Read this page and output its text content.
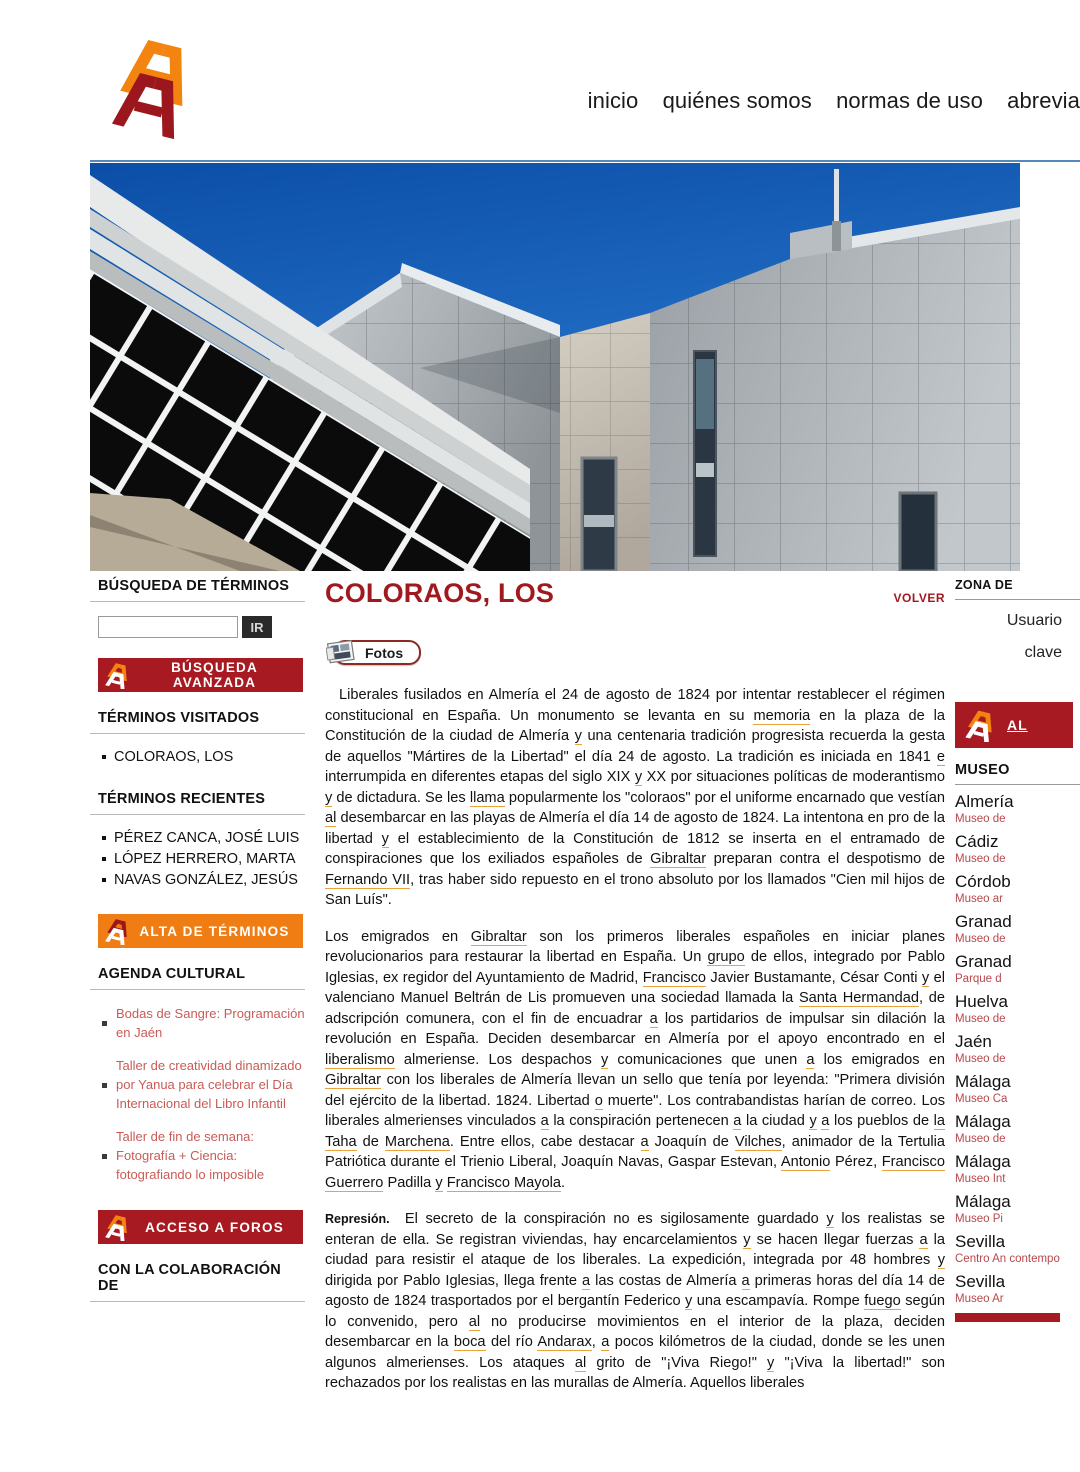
inicio quiénes somos normas de uso abrevia
BÚSQUEDA DE TÉRMINOS
IR
BÚSQUEDA AVANZADA
TÉRMINOS VISITADOS
COLORAOS, LOS
TÉRMINOS RECIENTES
PÉREZ CANCA, JOSÉ LUIS
LÓPEZ HERRERO, MARTA
NAVAS GONZÁLEZ, JESÚS
ALTA DE TÉRMINOS
AGENDA CULTURAL
Bodas de Sangre: Programación en Jaén
Taller de creatividad dinamizado por Yanua para celebrar el Día Internacional del Libro Infantil
Taller de fin de semana: Fotografía + Ciencia: fotografiando lo imposible
ACCESO A FOROS
CON LA COLABORACIÓN DE
COLORAOS, LOS	VOLVER
Fotos

Liberales fusilados en Almería el 24 de agosto de 1824 por intentar restablecer el régimen constitucional en España. Un monumento se levanta en su memoria en la plaza de la Constitución de la ciudad de Almería y una centenaria tradición progresista recuerda la gesta de aquellos "Mártires de la Libertad" el día 24 de agosto. La tradición es iniciada en 1841 e interrumpida en diferentes etapas del siglo XIX y XX por situaciones políticas de moderantismo y de dictadura. Se les llama popularmente los "coloraos" por el uniforme encarnado que vestían al desembarcar en las playas de Almería el día 14 de agosto de 1824. La intentona en pro de la libertad y el establecimiento de la Constitución de 1812 se inserta en el entramado de conspiraciones que los exiliados españoles de Gibraltar preparan contra el despotismo de Fernando VII, tras haber sido repuesto en el trono absoluto por los llamados "Cien mil hijos de San Luís".

Los emigrados en Gibraltar son los primeros liberales españoles en iniciar planes revolucionarios para restaurar la libertad en España. Un grupo de ellos, integrado por Pablo Iglesias, ex regidor del Ayuntamiento de Madrid, Francisco Javier Bustamante, César Conti y el valenciano Manuel Beltrán de Lis promueven una sociedad llamada la Santa Hermandad, de adscripción comunera, con el fin de encuadrar a los partidarios de impulsar sin dilación la revolución en España. Deciden desembarcar en Almería por el apoyo encontrado en el liberalismo almeriense. Los despachos y comunicaciones que unen a los emigrados en Gibraltar con los liberales de Almería llevan un sello que tenía por leyenda: "Primera división del ejército de la libertad. 1824. Libertad o muerte". Los contrabandistas harían de correo. Los liberales almerienses vinculados a la conspiración pertenecen a la ciudad y a los pueblos de la Taha de Marchena. Entre ellos, cabe destacar a Joaquín de Vilches, animador de la Tertulia Patriótica durante el Trienio Liberal, Joaquín Navas, Gaspar Estevan, Antonio Pérez, Francisco Guerrero Padilla y Francisco Mayola.

Represión. El secreto de la conspiración no es sigilosamente guardado y los realistas se enteran de ella. Se registran viviendas, hay encarcelamientos y se hacen llegar fuerzas a la ciudad para resistir el ataque de los liberales. La expedición, integrada por 48 hombres y dirigida por Pablo Iglesias, llega frente a las costas de Almería a primeras horas del día 14 de agosto de 1824 trasportados por el bergantín Federico y una escampavía. Rompe fuego según lo convenido, pero al no producirse movimientos en el interior de la plaza, deciden desembarcar en la boca del río Andarax, a pocos kilómetros de la ciudad, donde se les unen algunos almerienses. Los ataques al grito de "¡Viva Riego!" y "¡Viva la libertad!" son rechazados por los realistas en las murallas de Almería. Aquellos liberales

ZONA DE
Usuario
clave
AL
MUSEO
Almería
Museo de
Cádiz
Museo de
Córdob
Museo ar
Granad
Museo de
Granad
Parque d
Huelva
Museo de
Jaén
Museo de
Málaga
Museo Ca
Málaga
Museo de
Málaga
Museo Int
Málaga
Museo Pi
Sevilla
Centro An contempo
Sevilla
Museo Ar
